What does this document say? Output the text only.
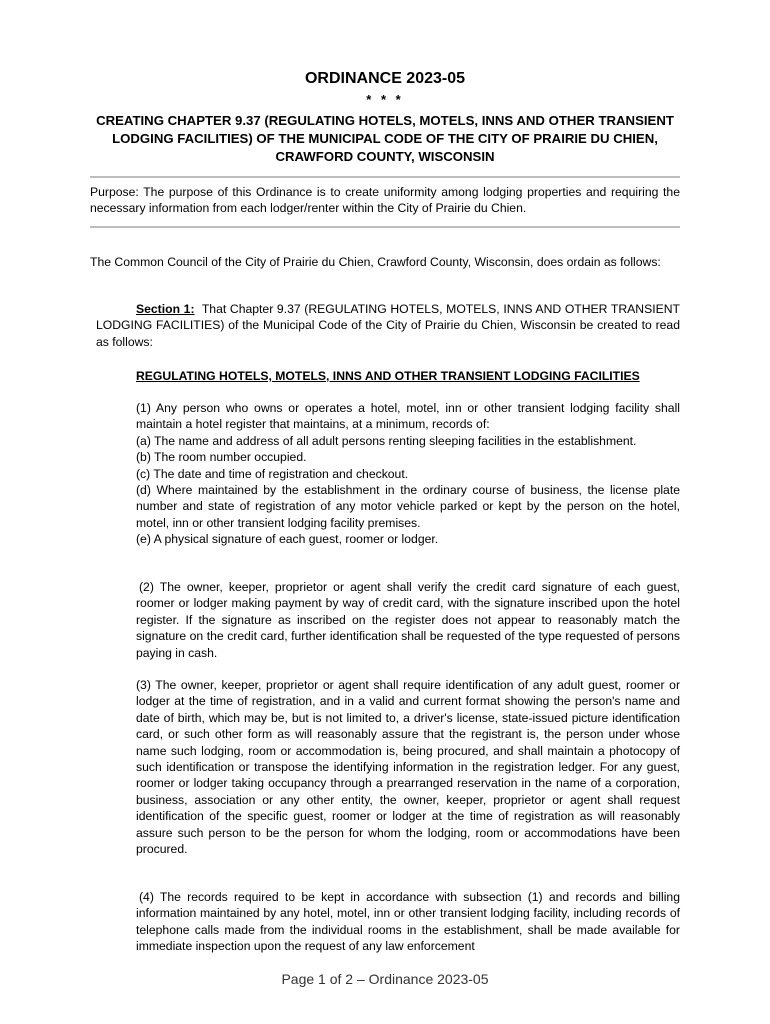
ORDINANCE 2023-05
* * *
CREATING CHAPTER 9.37 (REGULATING HOTELS, MOTELS, INNS AND OTHER TRANSIENT LODGING FACILITIES) OF THE MUNICIPAL CODE OF THE CITY OF PRAIRIE DU CHIEN, CRAWFORD COUNTY, WISCONSIN
Purpose: The purpose of this Ordinance is to create uniformity among lodging properties and requiring the necessary information from each lodger/renter within the City of Prairie du Chien.
The Common Council of the City of Prairie du Chien, Crawford County, Wisconsin, does ordain as follows:
Section 1: That Chapter 9.37 (REGULATING HOTELS, MOTELS, INNS AND OTHER TRANSIENT LODGING FACILITIES) of the Municipal Code of the City of Prairie du Chien, Wisconsin be created to read as follows:
REGULATING HOTELS, MOTELS, INNS AND OTHER TRANSIENT LODGING FACILITIES
(1) Any person who owns or operates a hotel, motel, inn or other transient lodging facility shall maintain a hotel register that maintains, at a minimum, records of:
(a) The name and address of all adult persons renting sleeping facilities in the establishment.
(b) The room number occupied.
(c) The date and time of registration and checkout.
(d) Where maintained by the establishment in the ordinary course of business, the license plate number and state of registration of any motor vehicle parked or kept by the person on the hotel, motel, inn or other transient lodging facility premises.
(e) A physical signature of each guest, roomer or lodger.
(2) The owner, keeper, proprietor or agent shall verify the credit card signature of each guest, roomer or lodger making payment by way of credit card, with the signature inscribed upon the hotel register. If the signature as inscribed on the register does not appear to reasonably match the signature on the credit card, further identification shall be requested of the type requested of persons paying in cash.
(3) The owner, keeper, proprietor or agent shall require identification of any adult guest, roomer or lodger at the time of registration, and in a valid and current format showing the person's name and date of birth, which may be, but is not limited to, a driver's license, state-issued picture identification card, or such other form as will reasonably assure that the registrant is, the person under whose name such lodging, room or accommodation is, being procured, and shall maintain a photocopy of such identification or transpose the identifying information in the registration ledger. For any guest, roomer or lodger taking occupancy through a prearranged reservation in the name of a corporation, business, association or any other entity, the owner, keeper, proprietor or agent shall request identification of the specific guest, roomer or lodger at the time of registration as will reasonably assure such person to be the person for whom the lodging, room or accommodations have been procured.
(4) The records required to be kept in accordance with subsection (1) and records and billing information maintained by any hotel, motel, inn or other transient lodging facility, including records of telephone calls made from the individual rooms in the establishment, shall be made available for immediate inspection upon the request of any law enforcement
Page 1 of 2 – Ordinance 2023-05
